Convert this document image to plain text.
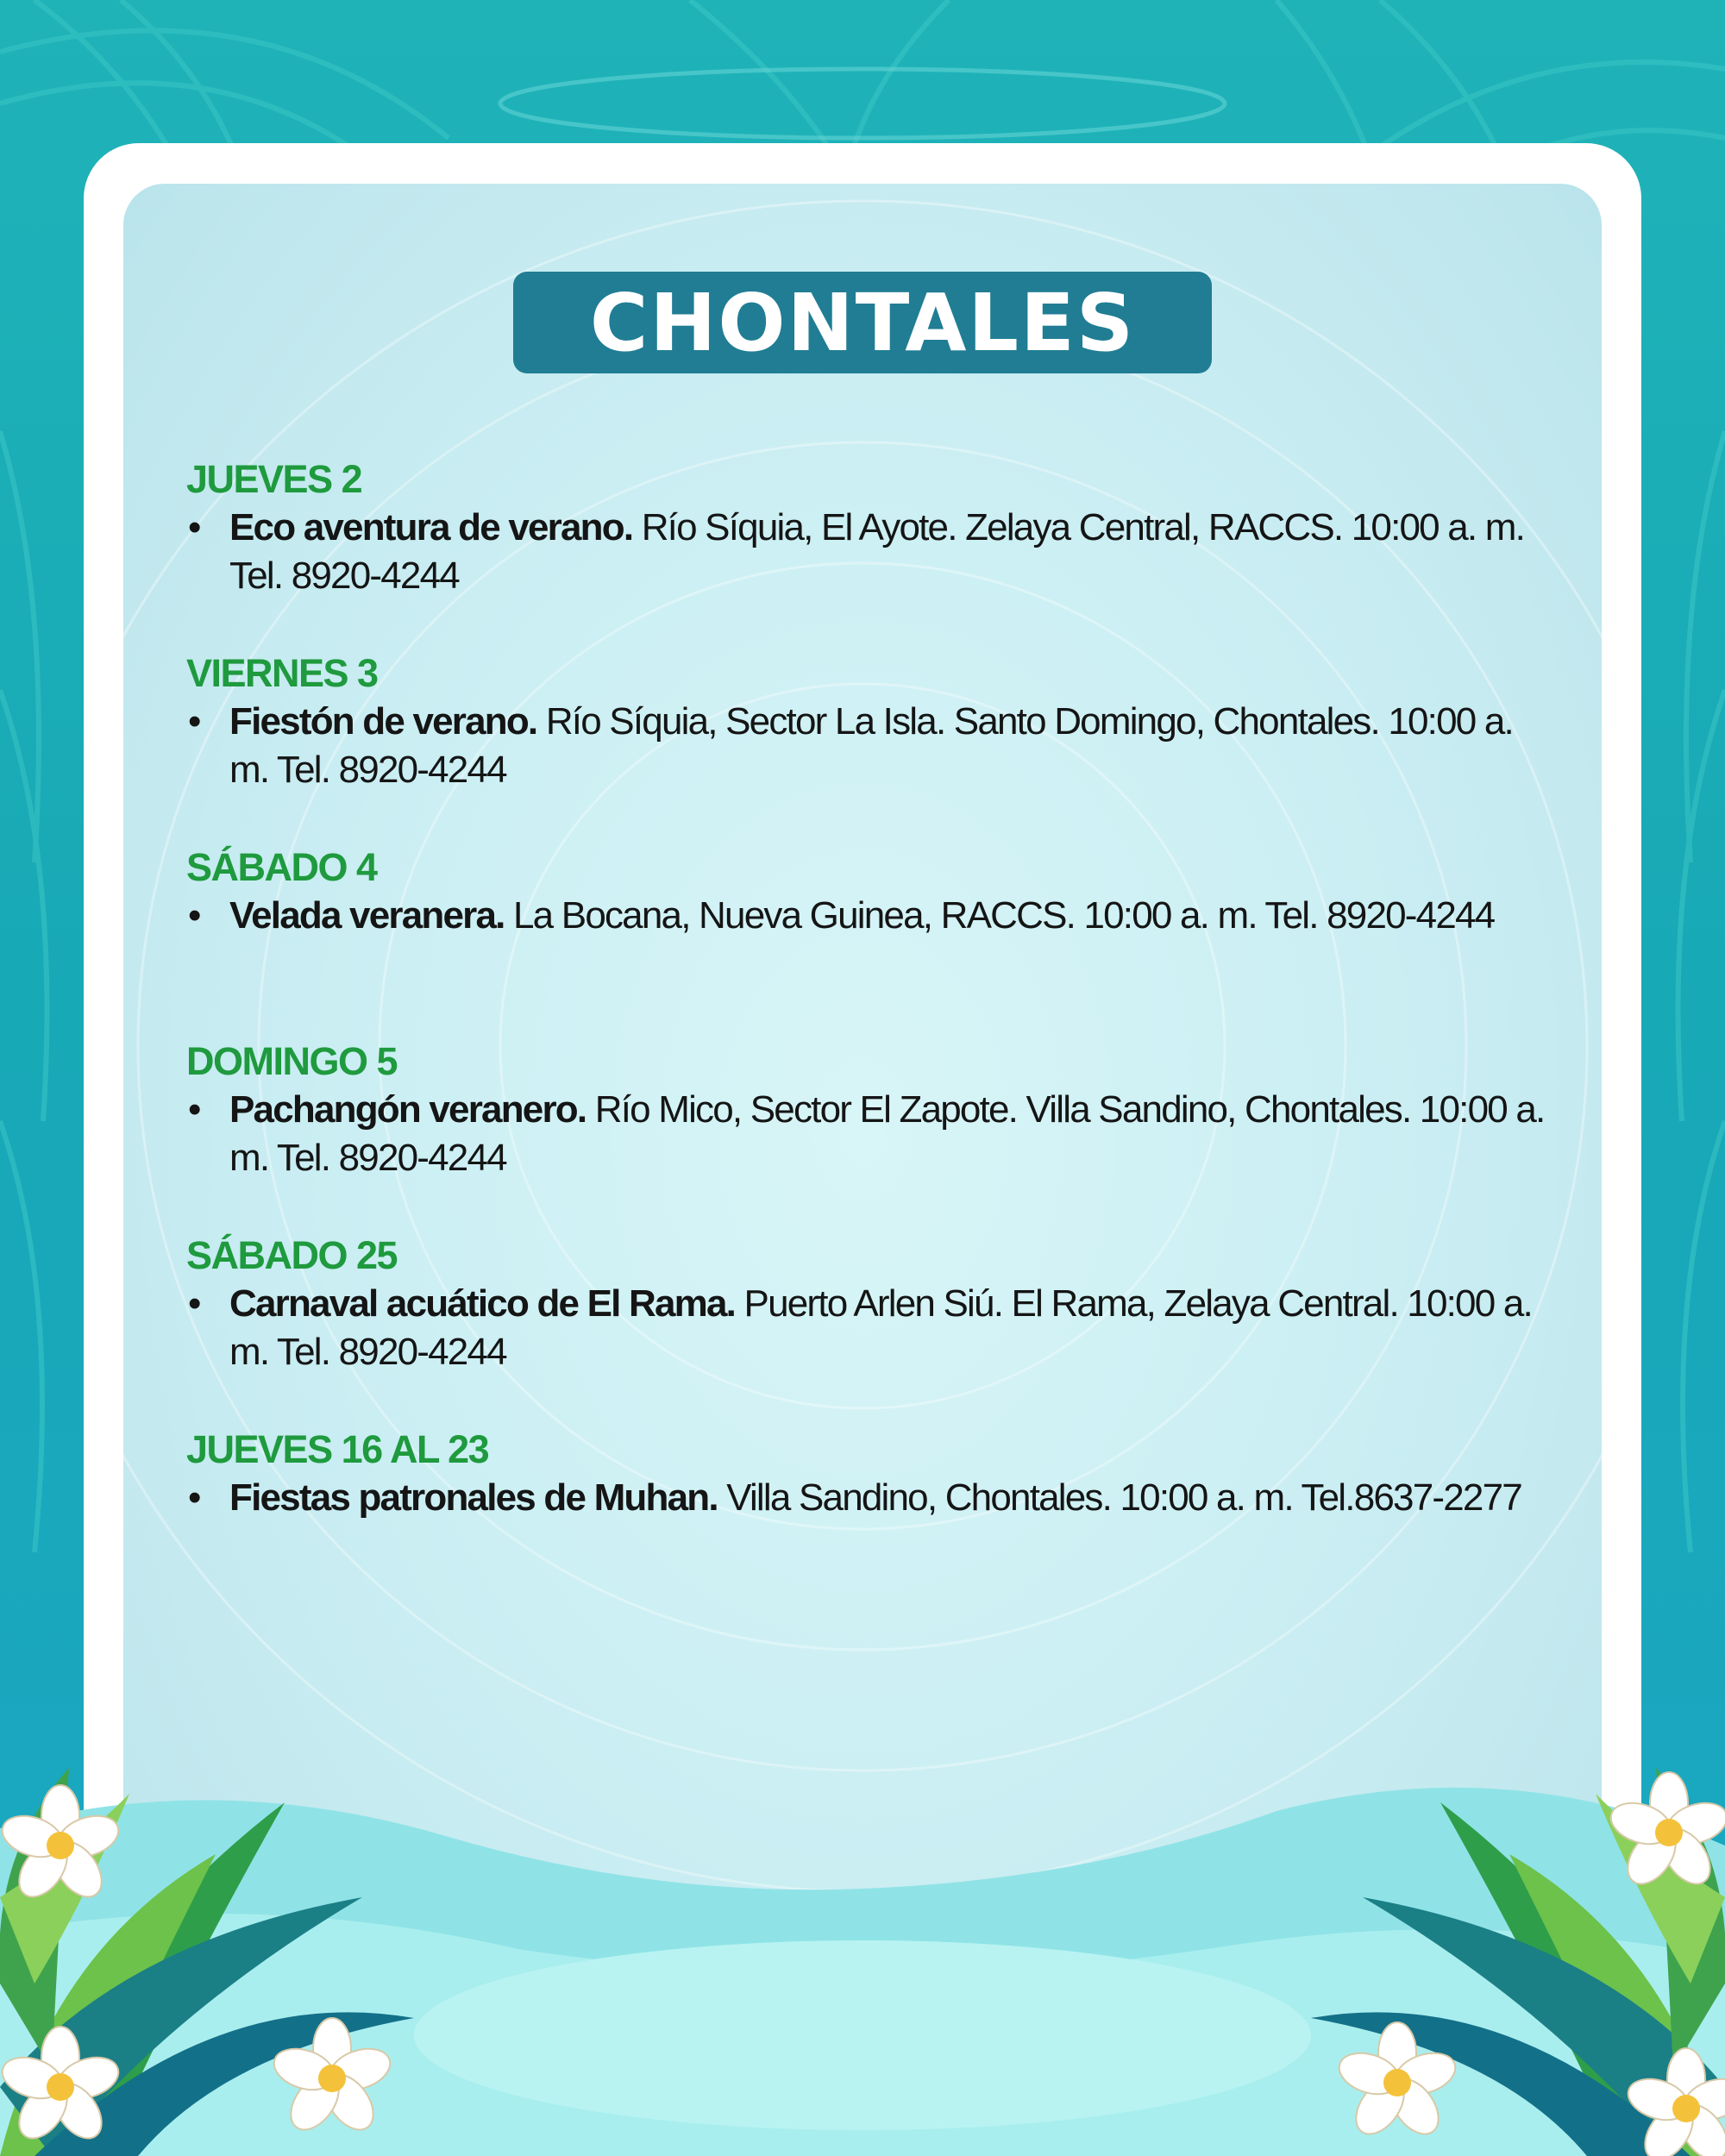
CHONTALES
JUEVES 2
• Eco aventura de verano. Río Síquia, El Ayote. Zelaya Central, RACCS. 10:00 a. m. Tel. 8920-4244
VIERNES 3
• Fiestón de verano. Río Síquia, Sector La Isla. Santo Domingo, Chontales. 10:00 a. m. Tel. 8920-4244
SÁBADO 4
• Velada veranera. La Bocana, Nueva Guinea, RACCS. 10:00 a. m. Tel. 8920-4244
DOMINGO 5
• Pachangón veranero. Río Mico, Sector El Zapote. Villa Sandino, Chontales. 10:00 a. m. Tel. 8920-4244
SÁBADO 25
• Carnaval acuático de El Rama. Puerto Arlen Siú. El Rama, Zelaya Central. 10:00 a. m. Tel. 8920-4244
JUEVES 16 AL 23
• Fiestas patronales de Muhan. Villa Sandino, Chontales. 10:00 a. m. Tel.8637-2277
